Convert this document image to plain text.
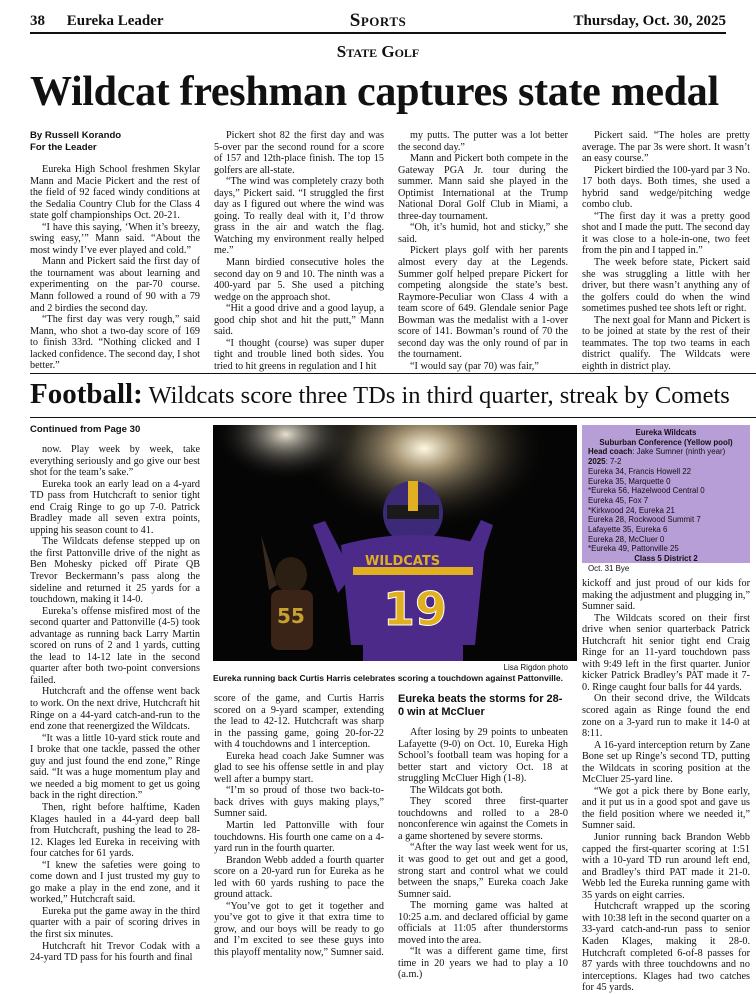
38 Eureka Leader	Sports	Thursday, Oct. 30, 2025
State Golf
Wildcat freshman captures state medal
By Russell Korando
For the Leader

Eureka High School freshmen Skylar Mann and Macie Pickert and the rest of the field of 92 faced windy conditions at the Sedalia Country Club for the Class 4 state golf championships Oct. 20-21.

“I have this saying, ‘When it’s breezy, swing easy,’” Mann said. “About the most windy I’ve ever played and cold.”

Mann and Pickert said the first day of the tournament was about learning and experimenting on the par-70 course. Mann followed a round of 90 with a 79 and 2 birdies the second day.

“The first day was very rough,” said Mann, who shot a two-day score of 169 to finish 33rd. “Nothing clicked and I lacked confidence. The second day, I shot better.”

Pickert shot 82 the first day and was 5-over par the second round for a score of 157 and 12th-place finish. The top 15 golfers are all-state.

“The wind was completely crazy both days,” Pickert said. “I struggled the first day as I figured out where the wind was going. To really deal with it, I’d throw grass in the air and watch the flag. Watching my environment really helped me.”

Mann birdied consecutive holes the second day on 9 and 10. The ninth was a 400-yard par 5. She used a pitching wedge on the approach shot.

“Hit a good drive and a good layup, a good chip shot and hit the putt,” Mann said.

“I thought (course) was super duper tight and trouble lined both sides. You tried to hit greens in regulation and I hit

my putts. The putter was a lot better the second day.”

Mann and Pickert both compete in the Gateway PGA Jr. tour during the summer. Mann said she played in the Optimist International at the Trump National Doral Golf Club in Miami, a three-day tournament.

“Oh, it’s humid, hot and sticky,” she said.

Pickert plays golf with her parents almost every day at the Legends. Summer golf helped prepare Pickert for competing alongside the state’s best. Raymore-Peculiar won Class 4 with a team score of 649. Glendale senior Page Bowman was the medalist with a 1-over score of 141. Bowman’s round of 70 the second day was the only round of par in the tournament.

“I would say (par 70) was fair,”

Pickert said. “The holes are pretty average. The par 3s were short. It wasn’t an easy course.”

Pickert birdied the 100-yard par 3 No. 17 both days. Both times, she used a hybrid sand wedge/pitching wedge combo club.

“The first day it was a pretty good shot and I made the putt. The second day it was close to a hole-in-one, two feet from the pin and I tapped in.”

The week before state, Pickert said she was struggling a little with her driver, but there wasn’t anything any of the golfers could do when the wind sometimes pushed tee shots left or right.

The next goal for Mann and Pickert is to be joined at state by the rest of their teammates. The top two teams in each district qualify. The Wildcats were eighth in district play.

Football: Wildcats score three TDs in third quarter, streak by Comets
Continued from Page 30

now. Play week by week, take everything seriously and go give our best shot for the team’s sake.”

Eureka took an early lead on a 4-yard TD pass from Hutchcraft to senior tight end Craig Ringe to go up 7-0. Patrick Bradley made all seven extra points, upping his season count to 41.

The Wildcats defense stepped up on the first Pattonville drive of the night as Ben Mohesky picked off Pirate QB Trevor Beckermann’s pass along the sideline and returned it 25 yards for a touchdown, making it 14-0.

Eureka’s offense misfired most of the second quarter and Pattonville (4-5) took advantage as running back Larry Martin scored on runs of 2 and 1 yards, cutting the lead to 14-12 late in the second quarter after both two-point conversions failed.

Hutchcraft and the offense went back to work. On the next drive, Hutchcraft hit Ringe on a 44-yard catch-and-run to the end zone that reenergized the Wildcats.

“It was a little 10-yard stick route and I broke that one tackle, passed the other guy and just found the end zone,” Ringe said. “It was a huge momentum play and we needed a big moment to get us going back in the right direction.”

Then, right before halftime, Kaden Klages hauled in a 44-yard deep ball from Hutchcraft, pushing the lead to 28-12. Klages led Eureka in receiving with four catches for 61 yards.

“I knew the safeties were going to come down and I just trusted my guy to go make a play in the end zone, and it worked,” Hutchcraft said.

Eureka put the game away in the third quarter with a pair of scoring drives in the first six minutes.

Hutchcraft hit Trevor Codak with a 24-yard TD pass for his fourth and final

score of the game, and Curtis Harris scored on a 9-yard scamper, extending the lead to 42-12. Hutchcraft was sharp in the passing game, going 20-for-22 with 4 touchdowns and 1 interception.

Eureka head coach Jake Sumner was glad to see his offense settle in and play well after a bumpy start.

“I’m so proud of those two back-to-back drives with guys making plays,” Sumner said.

Martin led Pattonville with four touchdowns. His fourth one came on a 4-yard run in the fourth quarter.

Brandon Webb added a fourth quarter score on a 20-yard run for Eureka as he led with 60 yards rushing to pace the ground attack.

“You’ve got to get it together and you’ve got to give it that extra time to grow, and our boys will be ready to go and I’m excited to see these guys into this playoff mentality now,” Sumner said.

Eureka beats the storms for 28-0 win at McCluer

After losing by 29 points to unbeaten Lafayette (9-0) on Oct. 10, Eureka High School’s football team was hoping for a better start and victory Oct. 18 at struggling McCluer High (1-8).

The Wildcats got both.

They scored three first-quarter touchdowns and rolled to a 28-0 nonconference win against the Comets in a game shortened by severe storms.

“After the way last week went for us, it was good to get out and get a good, strong start and control what we could between the snaps,” Eureka coach Jake Sumner said.

The morning game was halted at 10:25 a.m. and declared official by game officials at 11:05 after thunderstorms moved into the area.

“It was a different game time, first time in 20 years we had to play a 10 (a.m.)

kickoff and just proud of our kids for making the adjustment and plugging in,” Sumner said.

The Wildcats scored on their first drive when senior quarterback Patrick Hutchcraft hit senior tight end Craig Ringe for an 11-yard touchdown pass with 9:49 left in the first quarter. Junior kicker Patrick Bradley’s PAT made it 7-0. Ringe caught four balls for 44 yards.

On their second drive, the Wildcats scored again as Ringe found the end zone on a 3-yard run to make it 14-0 at 8:11.

A 16-yard interception return by Zane Bone set up Ringe’s second TD, putting the Wildcats in scoring position at the McCluer 25-yard line.

“We got a pick there by Bone early, and it put us in a good spot and gave us the field position where we needed it,” Sumner said.

Junior running back Brandon Webb capped the first-quarter scoring at 1:51 with a 10-yard TD run around left end, and Bradley’s third PAT made it 21-0. Webb led the Eureka running game with 35 yards on eight carries.

Hutchcraft wrapped up the scoring with 10:38 left in the second quarter on a 33-yard catch-and-run pass to senior Kaden Klages, making it 28-0. Hutchcraft completed 6-of-8 passes for 87 yards with three touchdowns and no interceptions. Klages had two catches for 45 yards.

55
WILDCATS
19
Lisa Rigdon photo
Eureka running back Curtis Harris celebrates scoring a touchdown against Pattonville.
Eureka Wildcats
Suburban Conference (Yellow pool)
Head coach: Jake Sumner (ninth year)
2025: 7-2
Eureka 34, Francis Howell 22
Eureka 35, Marquette 0
*Eureka 56, Hazelwood Central 0
Eureka 45, Fox 7
*Kirkwood 24, Eureka 21
Eureka 28, Rockwood Summit 7
Lafayette 35, Eureka 6
Eureka 28, McCluer 0
*Eureka 49, Pattonville 25
Class 5 District 2
Oct. 31 Bye
